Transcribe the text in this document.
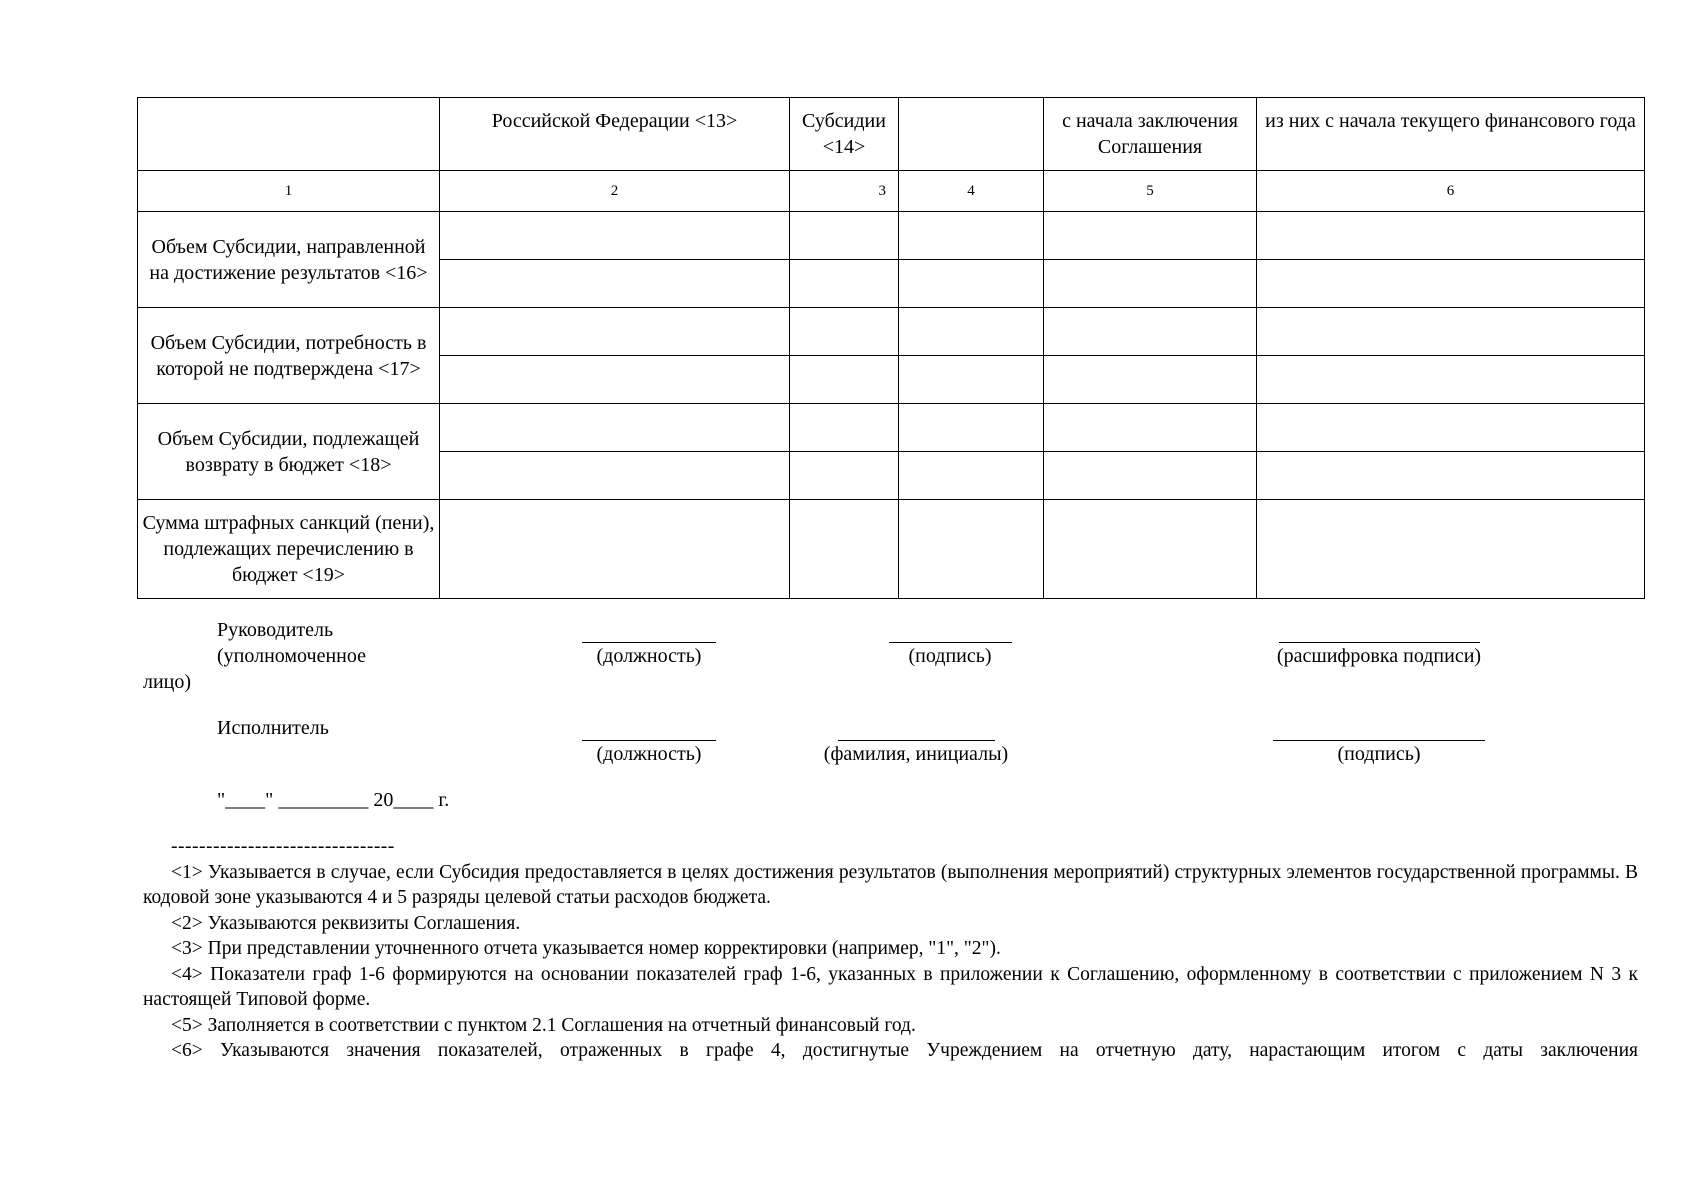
	Российской Федерации <13>	Субсидии <14>		с начала заключения Соглашения	из них с начала текущего финансового года
1	2	3	4	5	6
Объем Субсидии, направленной на достижение результатов <16>					

Объем Субсидии, потребность в которой не подтверждена <17>					

Объем Субсидии, подлежащей возврату в бюджет <18>					

Сумма штрафных санкций (пени), подлежащих перечислению в бюджет <19>					
Руководитель
(уполномоченное
лицо)
(должность)	(подпись)	(расшифровка подписи)
Исполнитель
(должность)	(фамилия, инициалы)	(подпись)
"____" _________ 20____ г.

--------------------------------

<1> Указывается в случае, если Субсидия предоставляется в целях достижения результатов (выполнения мероприятий) структурных элементов государственной программы. В кодовой зоне указываются 4 и 5 разряды целевой статьи расходов бюджета.

<2> Указываются реквизиты Соглашения.

<3> При представлении уточненного отчета указывается номер корректировки (например, "1", "2").

<4> Показатели граф 1-6 формируются на основании показателей граф 1-6, указанных в приложении к Соглашению, оформленному в соответствии с приложением N 3 к настоящей Типовой форме.

<5> Заполняется в соответствии с пунктом 2.1 Соглашения на отчетный финансовый год.

<6> Указываются значения показателей, отраженных в графе 4, достигнутые Учреждением на отчетную дату, нарастающим итогом с даты заключения
